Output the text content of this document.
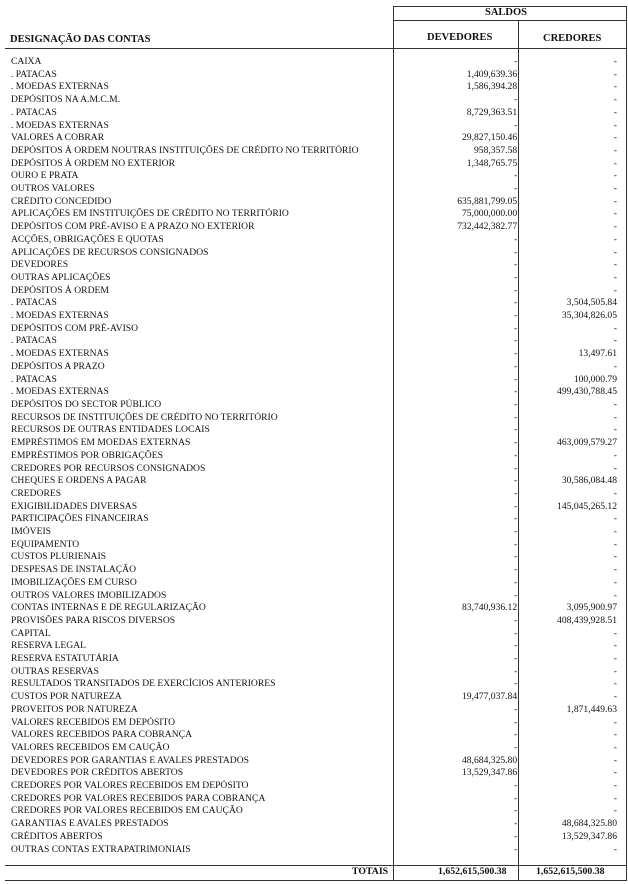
SALDOS
DESIGNAÇÃO DAS CONTAS	DEVEDORES	CREDORES
CAIXA	-	-
. PATACAS	1,409,639.36	-
. MOEDAS EXTERNAS	1,586,394.28	-
DEPÓSITOS NA A.M.C.M.	-	-
. PATACAS	8,729,363.51	-
. MOEDAS EXTERNAS	-	-
VALORES A COBRAR	29,827,150.46	-
DEPÓSITOS À ORDEM NOUTRAS INSTITUIÇÕES DE CRÉDITO NO TERRITÓRIO	958,357.58	-
DEPÓSITOS À ORDEM NO EXTERIOR	1,348,765.75	-
OURO E PRATA	-	-
OUTROS VALORES	-	-
CRÉDITO CONCEDIDO	635,881,799.05	-
APLICAÇÕES EM INSTITUIÇÕES DE CRÉDITO NO TERRITÓRIO	75,000,000.00	-
DEPÓSITOS COM PRÉ-AVISO E A PRAZO NO EXTERIOR	732,442,382.77	-
ACÇÕES, OBRIGAÇÕES E QUOTAS	-	-
APLICAÇÕES DE RECURSOS CONSIGNADOS	-	-
DEVEDORES	-	-
OUTRAS APLICAÇÕES	-	-
DEPÓSITOS À ORDEM	-	-
. PATACAS	-	3,504,505.84
. MOEDAS EXTERNAS	-	35,304,826.05
DEPÓSITOS COM PRÉ-AVISO	-	-
. PATACAS	-	-
. MOEDAS EXTERNAS	-	13,497.61
DEPÓSITOS A PRAZO	-	-
. PATACAS	-	100,000.79
. MOEDAS EXTERNAS	-	499,430,788.45
DEPÓSITOS DO SECTOR PÚBLICO	-	-
RECURSOS DE INSTITUIÇÕES DE CRÉDITO NO TERRITÓRIO	-	-
RECURSOS DE OUTRAS ENTIDADES LOCAIS	-	-
EMPRÉSTIMOS EM MOEDAS EXTERNAS	-	463,009,579.27
EMPRÉSTIMOS POR OBRIGAÇÕES	-	-
CREDORES POR RECURSOS CONSIGNADOS	-	-
CHEQUES E ORDENS A PAGAR	-	30,586,084.48
CREDORES	-	-
EXIGIBILIDADES DIVERSAS	-	145,045,265.12
PARTICIPAÇÕES FINANCEIRAS	-	-
IMÓVEIS	-	-
EQUIPAMENTO	-	-
CUSTOS PLURIENAIS	-	-
DESPESAS DE INSTALAÇÃO	-	-
IMOBILIZAÇÕES EM CURSO	-	-
OUTROS VALORES IMOBILIZADOS	-	-
CONTAS INTERNAS E DE REGULARIZAÇÃO	83,740,936.12	3,095,900.97
PROVISÕES PARA RISCOS DIVERSOS	-	408,439,928.51
CAPITAL	-	-
RESERVA LEGAL	-	-
RESERVA ESTATUTÁRIA	-	-
OUTRAS RESERVAS	-	-
RESULTADOS TRANSITADOS DE EXERCÍCIOS ANTERIORES	-	-
CUSTOS POR NATUREZA	19,477,037.84	-
PROVEITOS POR NATUREZA	-	1,871,449.63
VALORES RECEBIDOS EM DEPÓSITO	-	-
VALORES RECEBIDOS PARA COBRANÇA	-	-
VALORES RECEBIDOS EM CAUÇÃO	-	-
DEVEDORES POR GARANTIAS E AVALES PRESTADOS	48,684,325.80	-
DEVEDORES POR CRÉDITOS ABERTOS	13,529,347.86	-
CREDORES POR VALORES RECEBIDOS EM DEPÓSITO	-	-
CREDORES POR VALORES RECEBIDOS PARA COBRANÇA	-	-
CREDORES POR VALORES RECEBIDOS EM CAUÇÃO	-	-
GARANTIAS E AVALES PRESTADOS	-	48,684,325.80
CRÉDITOS ABERTOS	-	13,529,347.86
OUTRAS CONTAS EXTRAPATRIMONIAIS	-	-
TOTAIS	1,652,615,500.38	1,652,615,500.38
